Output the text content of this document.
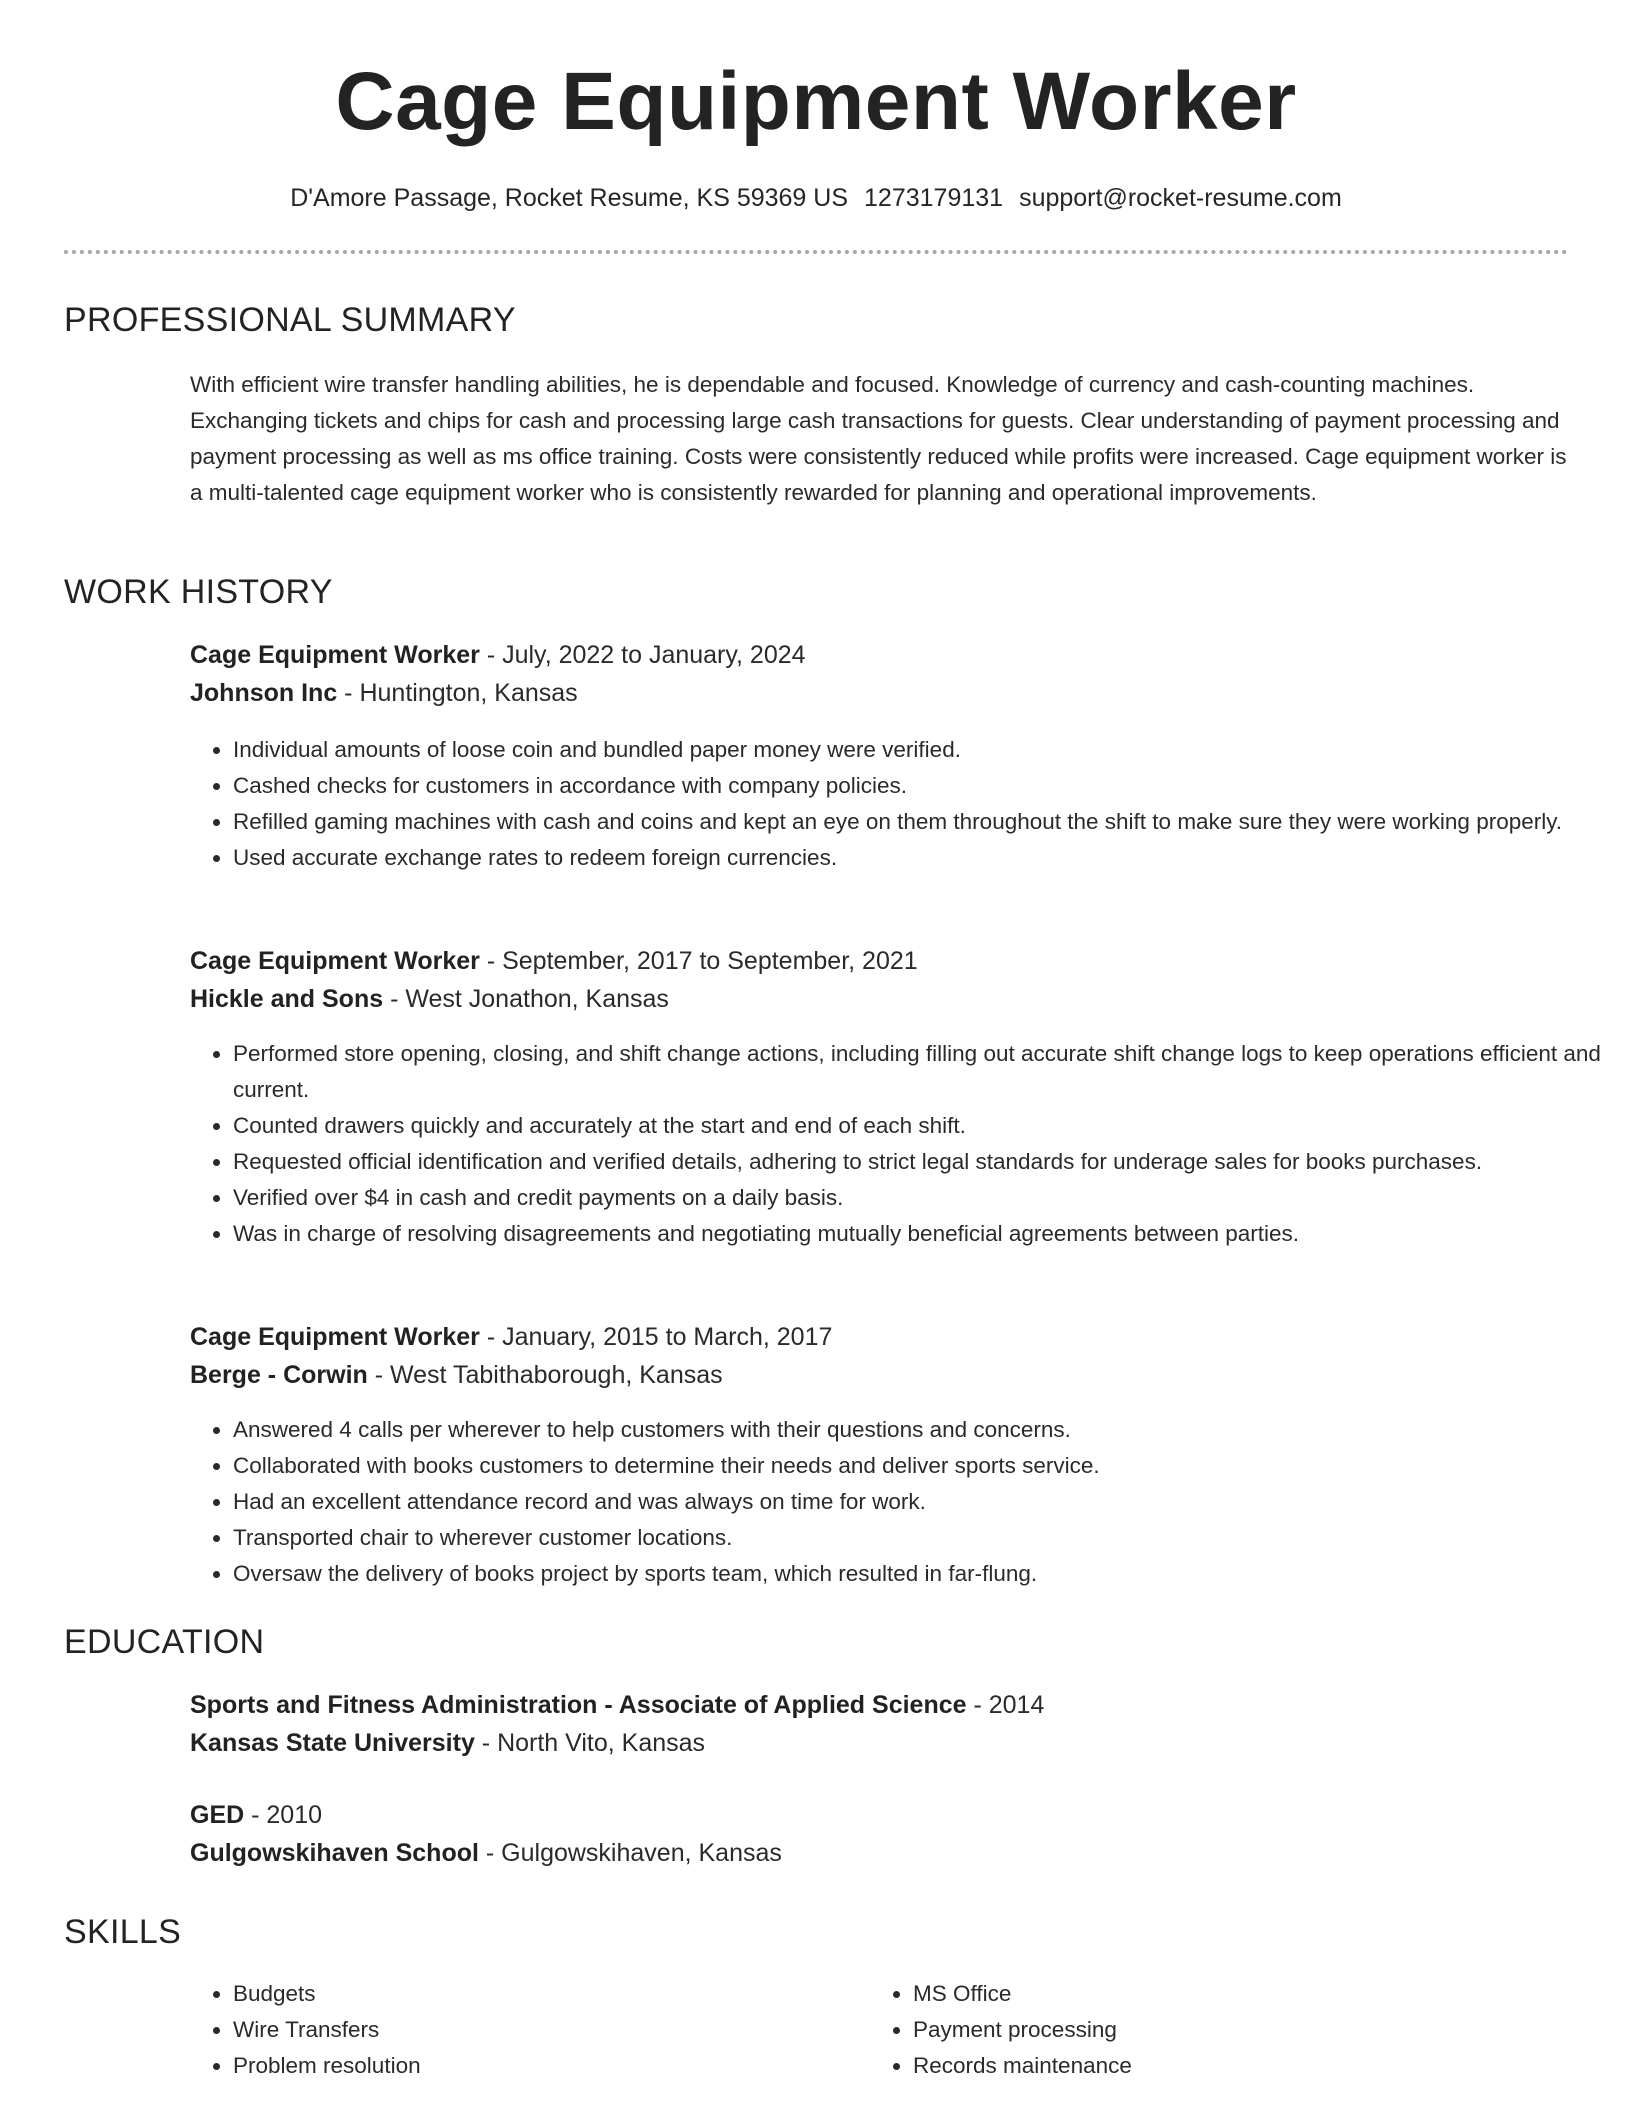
Cage Equipment Worker
D'Amore Passage, Rocket Resume, KS 59369 US 1273179131 support@rocket-resume.com
PROFESSIONAL SUMMARY
With efficient wire transfer handling abilities, he is dependable and focused. Knowledge of currency and cash-counting machines. Exchanging tickets and chips for cash and processing large cash transactions for guests. Clear understanding of payment processing and payment processing as well as ms office training. Costs were consistently reduced while profits were increased. Cage equipment worker is a multi-talented cage equipment worker who is consistently rewarded for planning and operational improvements.
WORK HISTORY
Cage Equipment Worker - July, 2022 to January, 2024
Johnson Inc - Huntington, Kansas
• Individual amounts of loose coin and bundled paper money were verified.
• Cashed checks for customers in accordance with company policies.
• Refilled gaming machines with cash and coins and kept an eye on them throughout the shift to make sure they were working properly.
• Used accurate exchange rates to redeem foreign currencies.
Cage Equipment Worker - September, 2017 to September, 2021
Hickle and Sons - West Jonathon, Kansas
• Performed store opening, closing, and shift change actions, including filling out accurate shift change logs to keep operations efficient and current.
• Counted drawers quickly and accurately at the start and end of each shift.
• Requested official identification and verified details, adhering to strict legal standards for underage sales for books purchases.
• Verified over $4 in cash and credit payments on a daily basis.
• Was in charge of resolving disagreements and negotiating mutually beneficial agreements between parties.
Cage Equipment Worker - January, 2015 to March, 2017
Berge - Corwin - West Tabithaborough, Kansas
• Answered 4 calls per wherever to help customers with their questions and concerns.
• Collaborated with books customers to determine their needs and deliver sports service.
• Had an excellent attendance record and was always on time for work.
• Transported chair to wherever customer locations.
• Oversaw the delivery of books project by sports team, which resulted in far-flung.
EDUCATION
Sports and Fitness Administration - Associate of Applied Science - 2014
Kansas State University - North Vito, Kansas
GED - 2010
Gulgowskihaven School - Gulgowskihaven, Kansas
SKILLS
• Budgets
• Wire Transfers
• Problem resolution
• MS Office
• Payment processing
• Records maintenance
